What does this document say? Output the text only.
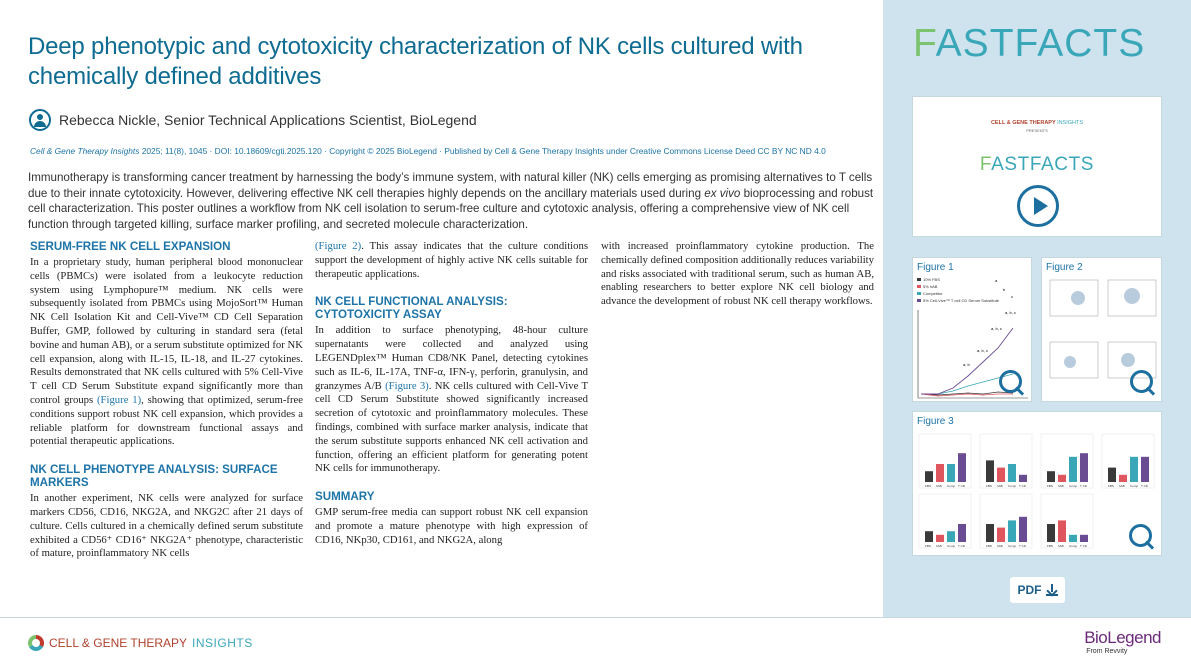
Deep phenotypic and cytotoxicity characterization of NK cells cultured with chemically defined additives
Rebecca Nickle, Senior Technical Applications Scientist, BioLegend
Cell & Gene Therapy Insights 2025; 11(8), 1045 · DOI: 10.18609/cgti.2025.120 · Copyright © 2025 BioLegend · Published by Cell & Gene Therapy Insights under Creative Commons License Deed CC BY NC ND 4.0

Immunotherapy is transforming cancer treatment by harnessing the body’s immune system, with natural killer (NK) cells emerging as promising alternatives to T cells due to their innate cytotoxicity. However, delivering effective NK cell therapies highly depends on the ancillary materials used during ex vivo bioprocessing and robust cell characterization. This poster outlines a workflow from NK cell isolation to serum-free culture and cytotoxic analysis, offering a comprehensive view of NK cell function through targeted killing, surface marker profiling, and secreted molecule characterization.

SERUM-FREE NK CELL EXPANSION

In a proprietary study, human peripheral blood mononuclear cells (PBMCs) were isolated from a leukocyte reduction system using Lymphopure™ medium. NK cells were subsequently isolated from PBMCs using MojoSort™ Human NK Cell Isolation Kit and Cell-Vive™ CD Cell Separation Buffer, GMP, followed by culturing in standard sera (fetal bovine and human AB), or a serum substitute optimized for NK cell expansion, along with IL-15, IL-18, and IL-27 cytokines. Results demonstrated that NK cells cultured with 5% Cell-Vive T cell CD Serum Substitute expand significantly more than control groups (Figure 1), showing that optimized, serum-free conditions support robust NK cell expansion, which provides a reliable platform for downstream functional assays and potential therapeutic applications.

NK CELL PHENOTYPE ANALYSIS: SURFACE MARKERS

In another experiment, NK cells were analyzed for surface markers CD56, CD16, NKG2A, and NKG2C after 21 days of culture. Cells cultured in a chemically defined serum substitute exhibited a CD56⁺ CD16⁺ NKG2A⁺ phenotype, characteristic of mature, proinflammatory NK cells

(Figure 2). This assay indicates that the culture conditions support the development of highly active NK cells suitable for therapeutic applications.

NK CELL FUNCTIONAL ANALYSIS: CYTOTOXICITY ASSAY

In addition to surface phenotyping, 48-hour culture supernatants were collected and analyzed using LEGENDplex™ Human CD8/NK Panel, detecting cytokines such as IL-6, IL-17A, TNF-α, IFN-γ, perforin, granulysin, and granzymes A/B (Figure 3). NK cells cultured with Cell-Vive T cell CD Serum Substitute showed significantly increased secretion of cytotoxic and proinflammatory molecules. These findings, combined with surface marker analysis, indicate that the serum substitute supports enhanced NK cell activation and function, offering an efficient platform for generating potent NK cells for immunotherapy.

SUMMARY

GMP serum-free media can support robust NK cell expansion and promote a mature phenotype with high expression of CD16, NKp30, CD161, and NKG2A, along

with increased proinflammatory cytokine production. The chemically defined composition additionally reduces variability and risks associated with traditional serum, such as human AB, enabling researchers to better explore NK cell biology and advance the development of robust NK cell therapy workflows.

FASTFACTS
CELL & GENE THERAPY INSIGHTS
PRESENTS
FASTFACTS
Figure 1
10% FBS
5% hAB
Competitor
5% Cell-Vive™ T cell CD Serum Substitute
a
b
c
a, b, c
a, b, c
a, b, c
a, b
Figure 2
Figure 3
FBS hAB Comp T CD	FBS hAB Comp T CD	FBS hAB Comp T CD	FBS hAB Comp T CD
FBS hAB Comp T CD	FBS hAB Comp T CD	FBS hAB Comp T CD
PDF
CELL & GENE THERAPY INSIGHTS	BioLegend
From Revvity
